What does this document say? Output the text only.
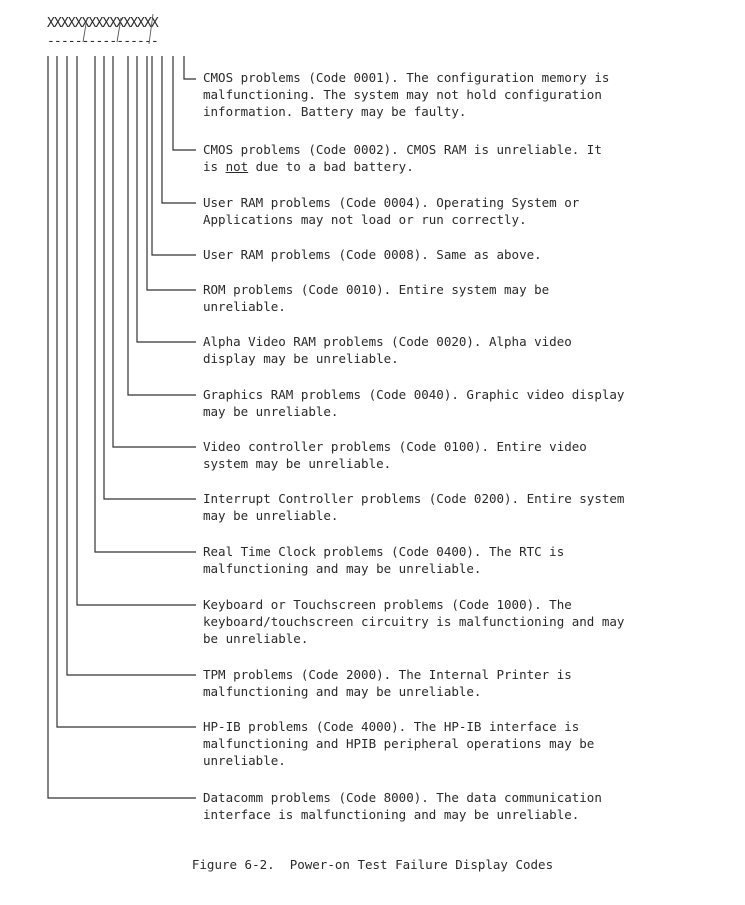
XXXXXXXXXXXXXXXX
----------------
CMOS problems (Code 0001). The configuration memory is
malfunctioning. The system may not hold configuration
information. Battery may be faulty.
CMOS problems (Code 0002). CMOS RAM is unreliable. It
is not due to a bad battery.
User RAM problems (Code 0004). Operating System or
Applications may not load or run correctly.
User RAM problems (Code 0008). Same as above.
ROM problems (Code 0010). Entire system may be
unreliable.
Alpha Video RAM problems (Code 0020). Alpha video
display may be unreliable.
Graphics RAM problems (Code 0040). Graphic video display
may be unreliable.
Video controller problems (Code 0100). Entire video
system may be unreliable.
Interrupt Controller problems (Code 0200). Entire system
may be unreliable.
Real Time Clock problems (Code 0400). The RTC is
malfunctioning and may be unreliable.
Keyboard or Touchscreen problems (Code 1000). The
keyboard/touchscreen circuitry is malfunctioning and may
be unreliable.
TPM problems (Code 2000). The Internal Printer is
malfunctioning and may be unreliable.
HP-IB problems (Code 4000). The HP-IB interface is
malfunctioning and HPIB peripheral operations may be
unreliable.
Datacomm problems (Code 8000). The data communication
interface is malfunctioning and may be unreliable.
Figure 6-2.  Power-on Test Failure Display Codes
